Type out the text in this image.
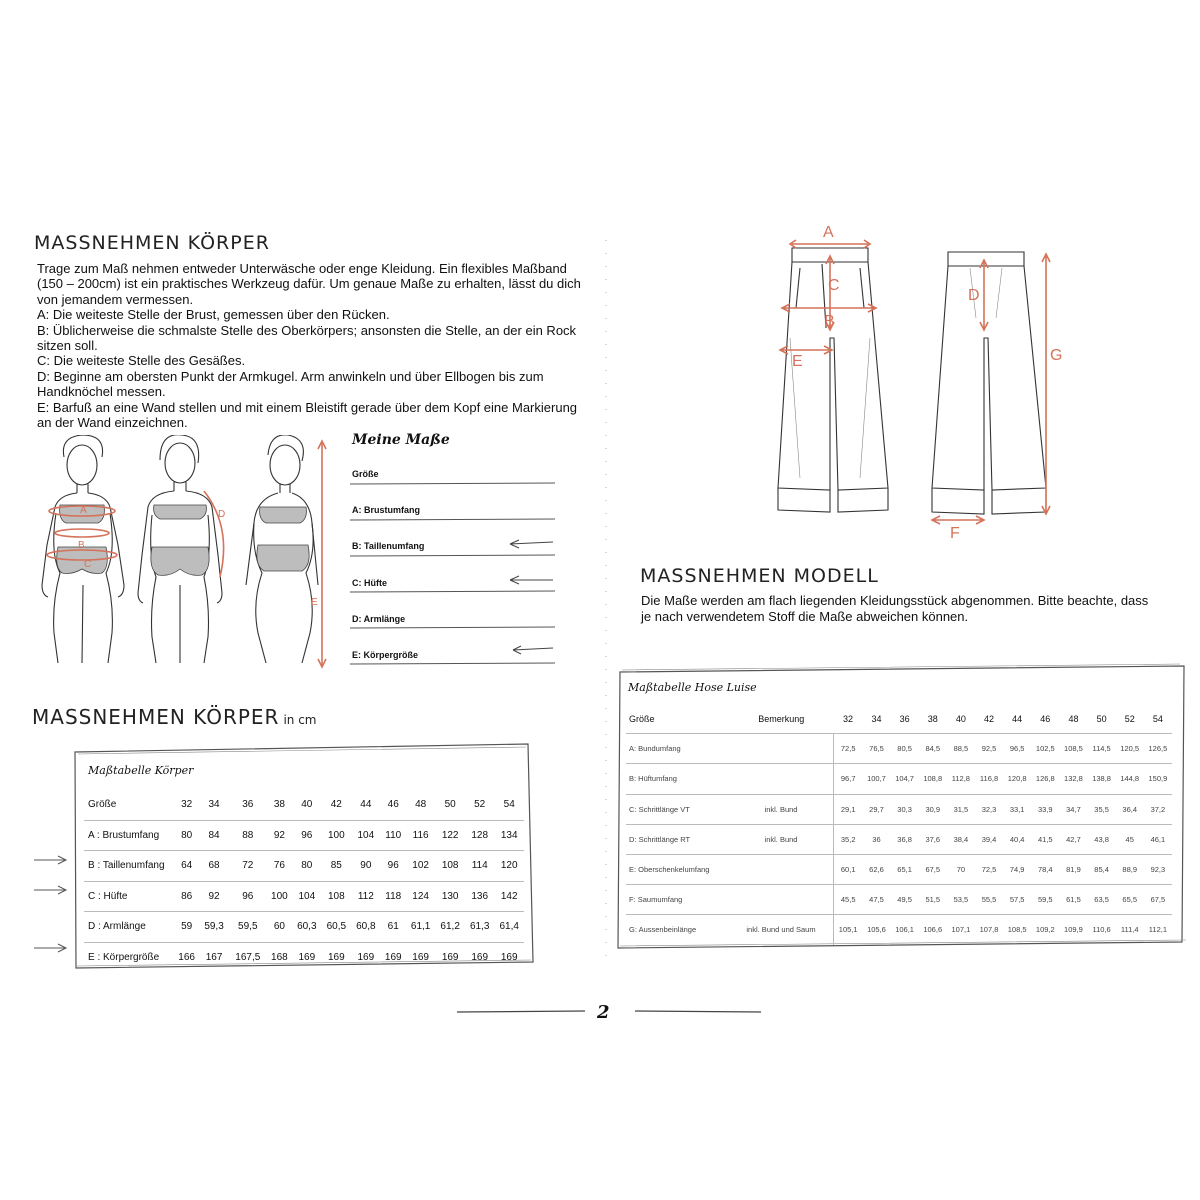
MASSNEHMEN KÖRPER

Trage zum Maß nehmen entweder Unterwäsche oder enge Kleidung. Ein flexibles Maßband (150 – 200cm) ist ein praktisches Werkzeug dafür. Um genaue Maße zu erhalten, lässt du dich von jemandem vermessen.

A: Die weiteste Stelle der Brust, gemessen über den Rücken.

B: Üblicherweise die schmalste Stelle des Oberkörpers; ansonsten die Stelle, an der ein Rock sitzen soll.

C: Die weiteste Stelle des Gesäßes.

D: Beginne am obersten Punkt der Armkugel. Arm anwinkeln und über Ellbogen bis zum Handknöchel messen.

E: Barfuß an eine Wand stellen und mit einem Bleistift gerade über dem Kopf eine Markierung an der Wand einzeichnen.

A
B
C
D
E
Meine Maße
Größe
A: Brustumfang
B: Taillenumfang
C: Hüfte
D: Armlänge
E: Körpergröße
MASSNEHMEN KÖRPER in cm
Maßtabelle Körper
Größe	32	34	36	38	40	42	44	46	48	50	52	54
A : Brustumfang	80	84	88	92	96	100	104	110	116	122	128	134
B : Taillenumfang	64	68	72	76	80	85	90	96	102	108	114	120
C : Hüfte	86	92	96	100	104	108	112	118	124	130	136	142
D : Armlänge	59	59,3	59,5	60	60,3	60,5	60,8	61	61,1	61,2	61,3	61,4
E : Körpergröße	166	167	167,5	168	169	169	169	169	169	169	169	169
A
B
C
D
E
F
G
MASSNEHMEN MODELL
Die Maße werden am flach liegenden Kleidungsstück abgenommen. Bitte beachte, dass je nach verwendetem Stoff die Maße abweichen können.
Maßtabelle Hose Luise
Größe	Bemerkung	32	34	36	38	40	42	44	46	48	50	52	54
A: Bundumfang		72,5	76,5	80,5	84,5	88,5	92,5	96,5	102,5	108,5	114,5	120,5	126,5
B: Hüftumfang		96,7	100,7	104,7	108,8	112,8	116,8	120,8	126,8	132,8	138,8	144,8	150,9
C: Schrittlänge VT	inkl. Bund	29,1	29,7	30,3	30,9	31,5	32,3	33,1	33,9	34,7	35,5	36,4	37,2
D: Schrittlänge RT	inkl. Bund	35,2	36	36,8	37,6	38,4	39,4	40,4	41,5	42,7	43,8	45	46,1
E: Oberschenkelumfang		60,1	62,6	65,1	67,5	70	72,5	74,9	78,4	81,9	85,4	88,9	92,3
F: Saumumfang		45,5	47,5	49,5	51,5	53,5	55,5	57,5	59,5	61,5	63,5	65,5	67,5
G: Aussenbeinlänge	inkl. Bund und Saum	105,1	105,6	106,1	106,6	107,1	107,8	108,5	109,2	109,9	110,6	111,4	112,1
2
